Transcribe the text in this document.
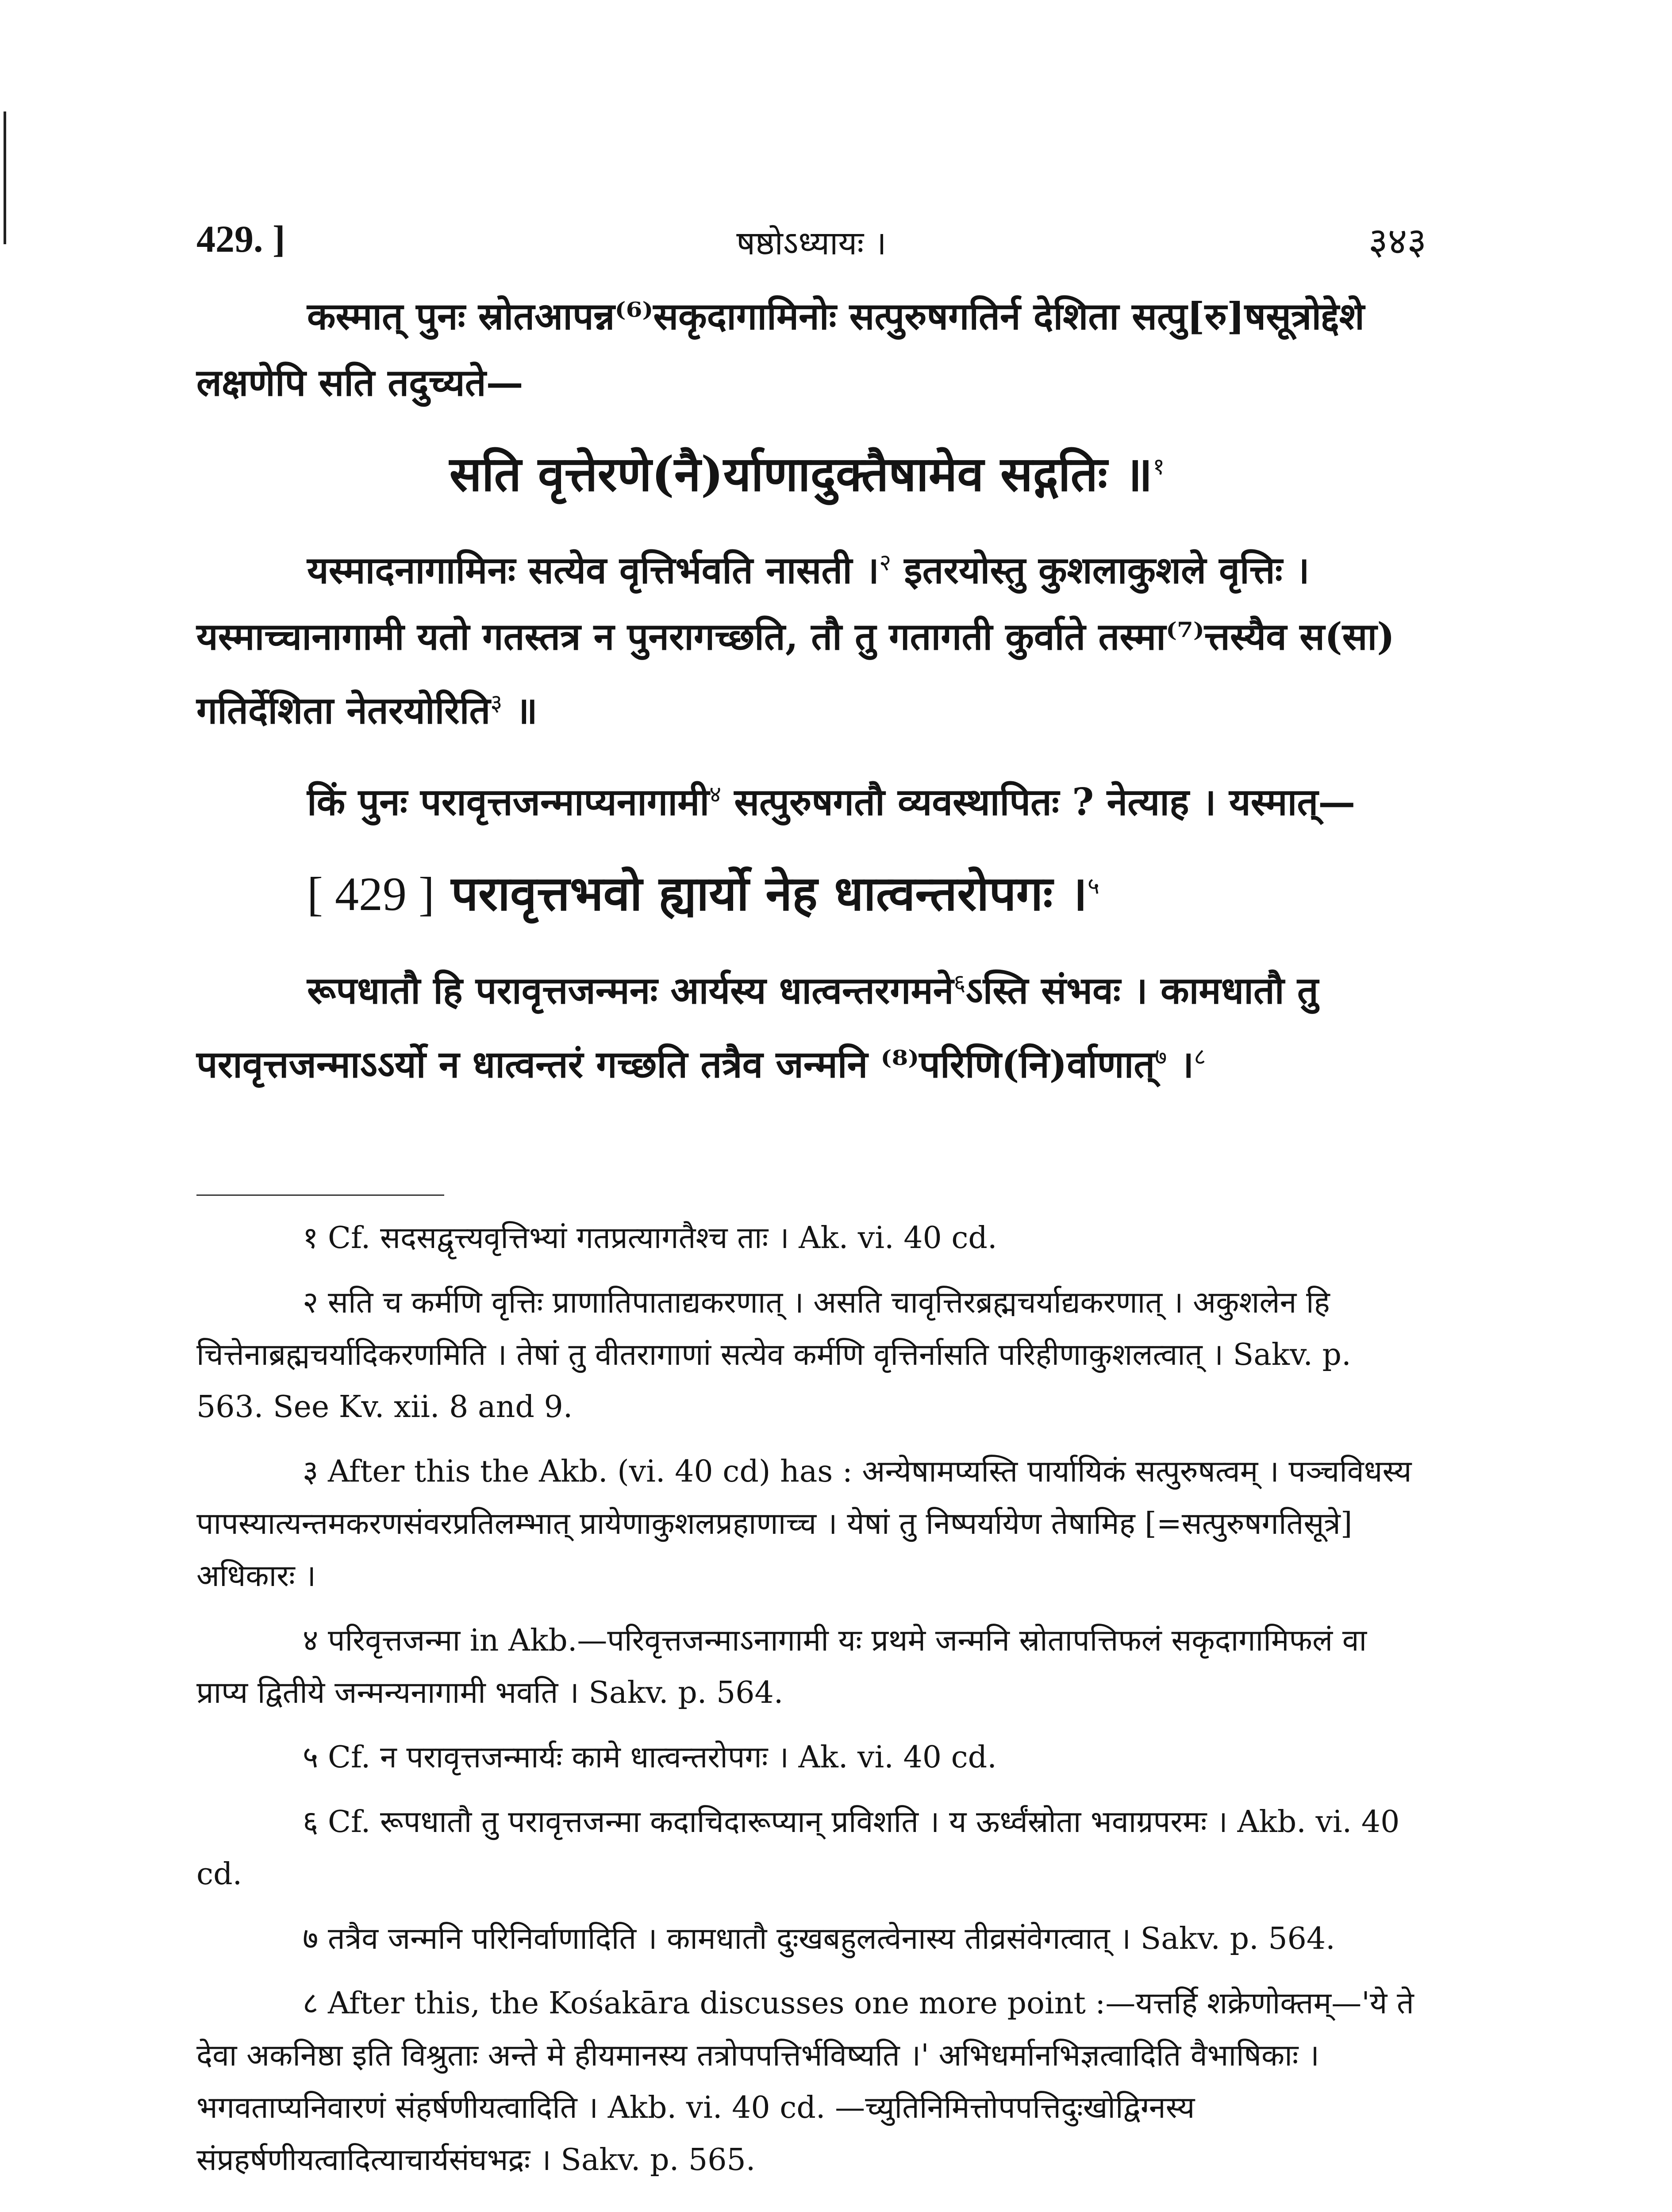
429. ]	षष्ठोऽध्यायः ।	३४३

कस्मात् पुनः स्रोतआपन्न⁽⁶⁾सकृदागामिनोः सत्पुरुषगतिर्न देशिता सत्पु[रु]षसूत्रोद्देशे लक्षणेपि सति तदुच्यते—

सति वृत्तेरणे(नै)र्याणादुक्तैषामेव सद्गतिः ॥$^१$

यस्मादनागामिनः सत्येव वृत्तिर्भवति नासती ।$^२$ इतरयोस्तु कुशलाकुशले वृत्तिः । यस्माच्चानागामी यतो गतस्तत्र न पुनरागच्छति, तौ तु गतागती कुर्वाते तस्मा⁽⁷⁾त्तस्यैव स(सा) गतिर्देशिता नेतरयोरिति$^३$ ॥

किं पुनः परावृत्तजन्माप्यनागामी$^४$ सत्पुरुषगतौ व्यवस्थापितः ? नेत्याह । यस्मात्—

[ 429 ] परावृत्तभवो ह्यार्यो नेह धात्वन्तरोपगः ।$^५$

रूपधातौ हि परावृत्तजन्मनः आर्यस्य धात्वन्तरगमने$^६$ऽस्ति संभवः । कामधातौ तु परावृत्तजन्माऽऽर्यो न धात्वन्तरं गच्छति तत्रैव जन्मनि ⁽⁸⁾परिणि(नि)र्वाणात्$^७$ ।$^८$

१ Cf. सदसद्वृत्त्यवृत्तिभ्यां गतप्रत्यागतैश्च ताः । Ak. vi. 40 cd.

२ सति च कर्मणि वृत्तिः प्राणातिपाताद्यकरणात् । असति चावृत्तिरब्रह्मचर्याद्यकरणात् । अकुशलेन हि चित्तेनाब्रह्मचर्यादिकरणमिति । तेषां तु वीतरागाणां सत्येव कर्मणि वृत्तिर्नासति परिहीणाकुशलत्वात् । Sakv. p. 563. See Kv. xii. 8 and 9.

३ After this the Akb. (vi. 40 cd) has : अन्येषामप्यस्ति पार्यायिकं सत्पुरुषत्वम् । पञ्चविधस्य पापस्यात्यन्तमकरणसंवरप्रतिलम्भात् प्रायेणाकुशलप्रहाणाच्च । येषां तु निष्पर्यायेण तेषामिह [=सत्पुरुषगतिसूत्रे] अधिकारः ।

४ परिवृत्तजन्मा in Akb.—परिवृत्तजन्माऽनागामी यः प्रथमे जन्मनि स्रोतापत्तिफलं सकृदागामिफलं वा प्राप्य द्वितीये जन्मन्यनागामी भवति । Sakv. p. 564.

५ Cf. न परावृत्तजन्मार्यः कामे धात्वन्तरोपगः । Ak. vi. 40 cd.

६ Cf. रूपधातौ तु परावृत्तजन्मा कदाचिदारूप्यान् प्रविशति । य ऊर्ध्वंस्रोता भवाग्रपरमः । Akb. vi. 40 cd.

७ तत्रैव जन्मनि परिनिर्वाणादिति । कामधातौ दुःखबहुलत्वेनास्य तीव्रसंवेगत्वात् । Sakv. p. 564.

८ After this, the Kośakāra discusses one more point :—यत्तर्हि शक्रेणोक्तम्—'ये ते देवा अकनिष्ठा इति विश्रुताः अन्ते मे हीयमानस्य तत्रोपपत्तिर्भविष्यति ।' अभिधर्मानभिज्ञत्वादिति वैभाषिकाः । भगवताप्यनिवारणं संहर्षणीयत्वादिति । Akb. vi. 40 cd. —च्युतिनिमित्तोपपत्तिदुःखोद्विग्नस्य संप्रहर्षणीयत्वादित्याचार्यसंघभद्रः । Sakv. p. 565.
